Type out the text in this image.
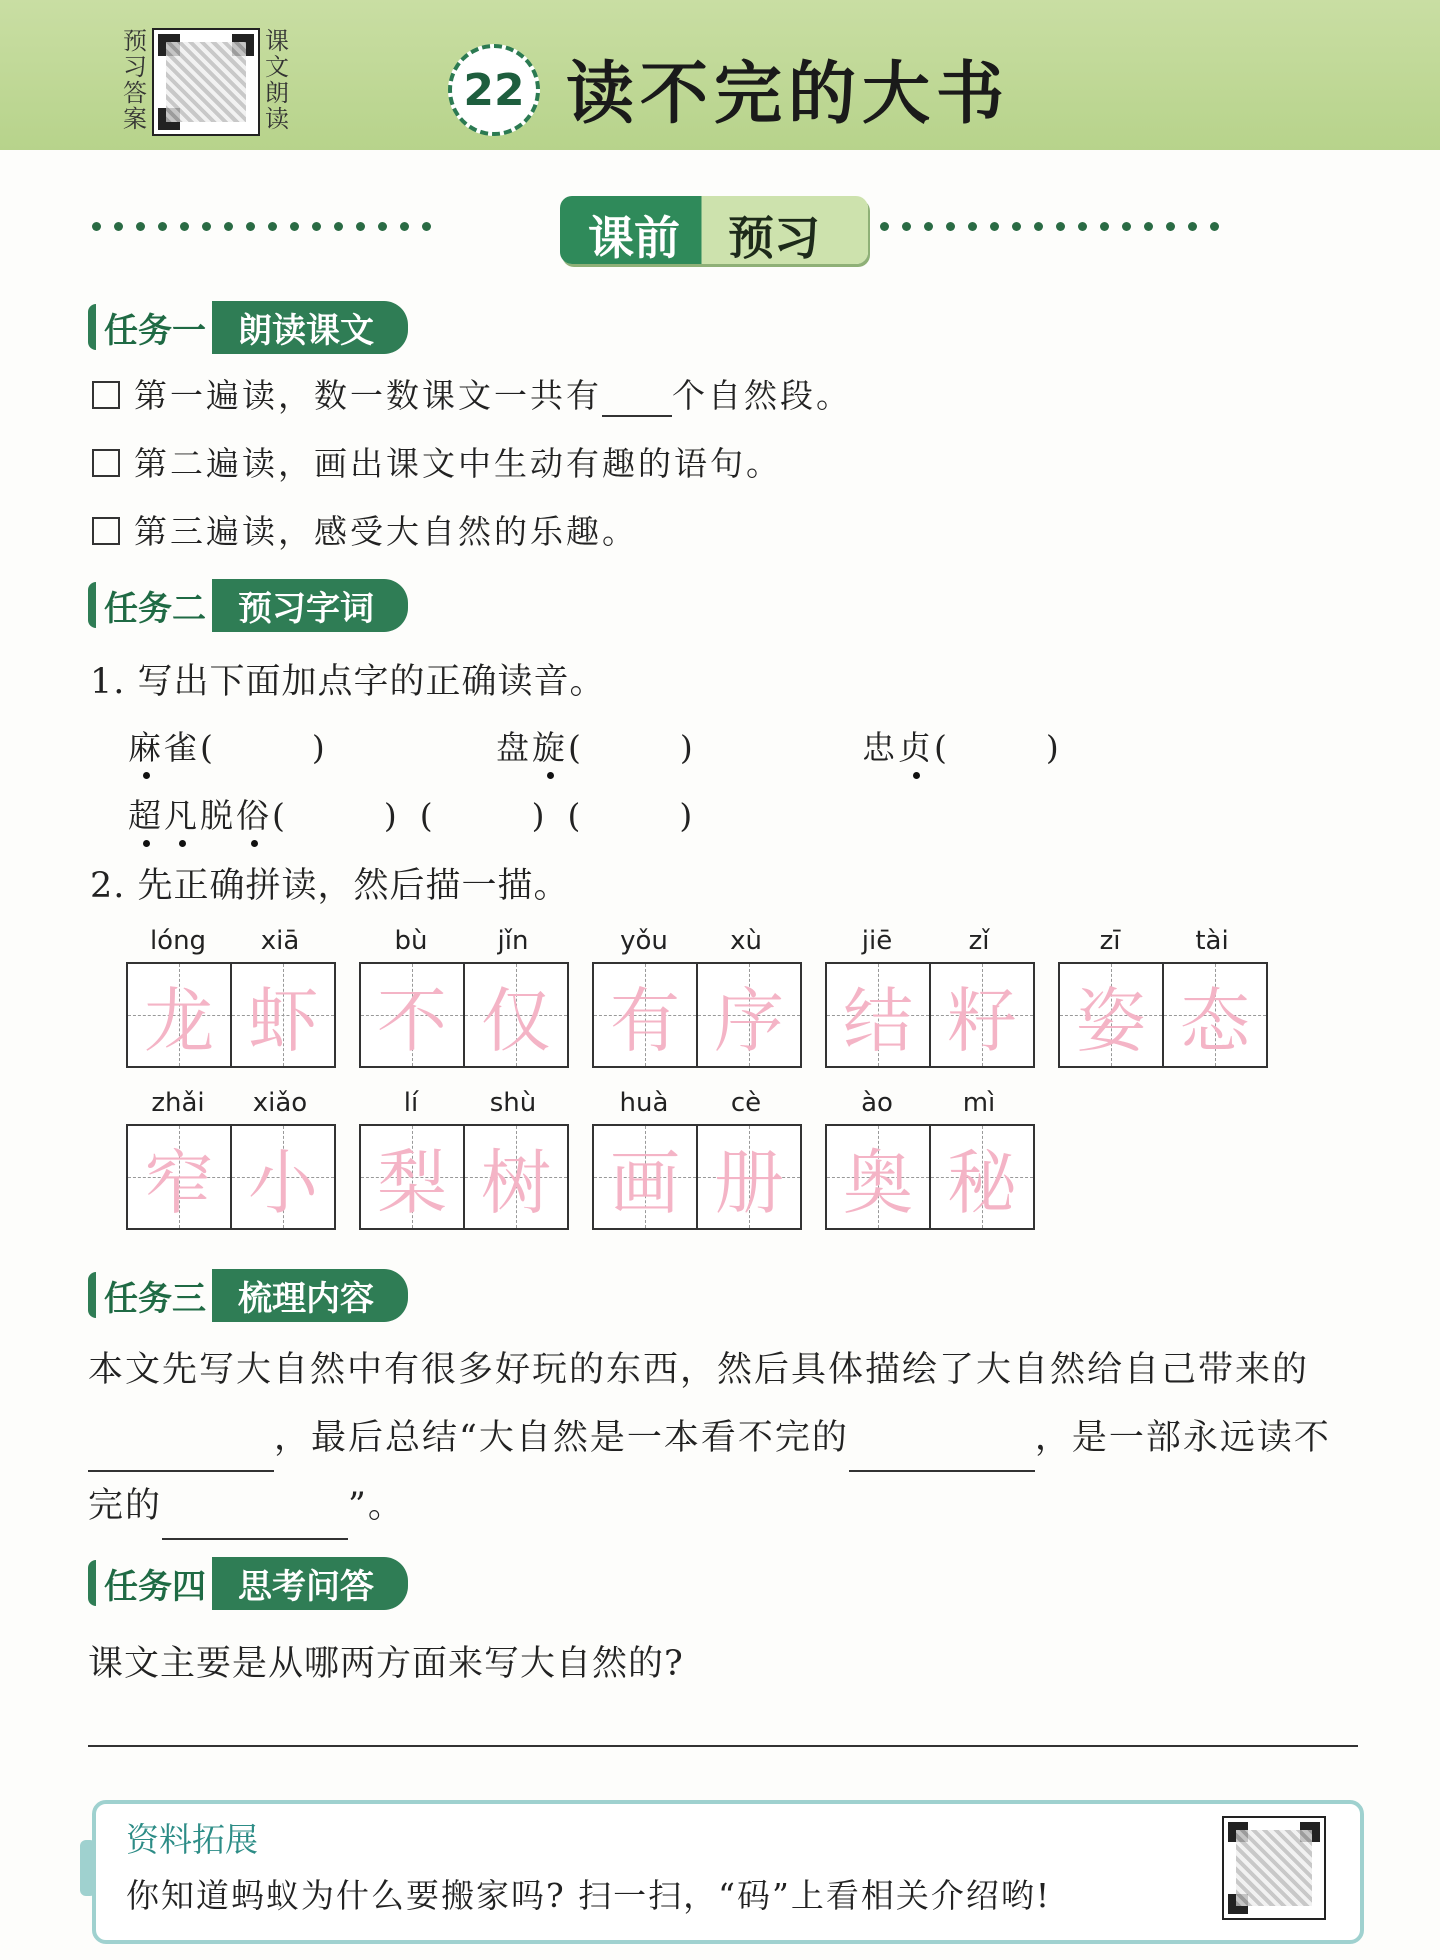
预习答案
课文朗读
22 读不完的大书
课前 预习
任务一 朗读课文
第一遍读，数一数课文一共有 个自然段。
第二遍读，画出课文中生动有趣的语句。
第三遍读，感受大自然的乐趣。
任务二 预习字词
1. 写出下面加点字的正确读音。
麻雀(	)	盘旋(	)	忠贞(	)
超凡脱俗(	) (	) (	)
2. 先正确拼读，然后描一描。
lóng	xiā
龙 虾
bù	jǐn
不 仅
yǒu	xù
有 序
jiē	zǐ
结 籽
zī	tài
姿 态
zhǎi	xiǎo
窄 小
lí	shù
梨 树
huà	cè
画 册
ào	mì
奥 秘
任务三 梳理内容
本文先写大自然中有很多好玩的东西，然后具体描绘了大自然给自己带来的
，最后总结“大自然是一本看不完的	，是一部永远读不
完的	”。
任务四 思考问答
课文主要是从哪两方面来写大自然的?
资料拓展
你知道蚂蚁为什么要搬家吗? 扫一扫，“码”上看相关介绍哟!
